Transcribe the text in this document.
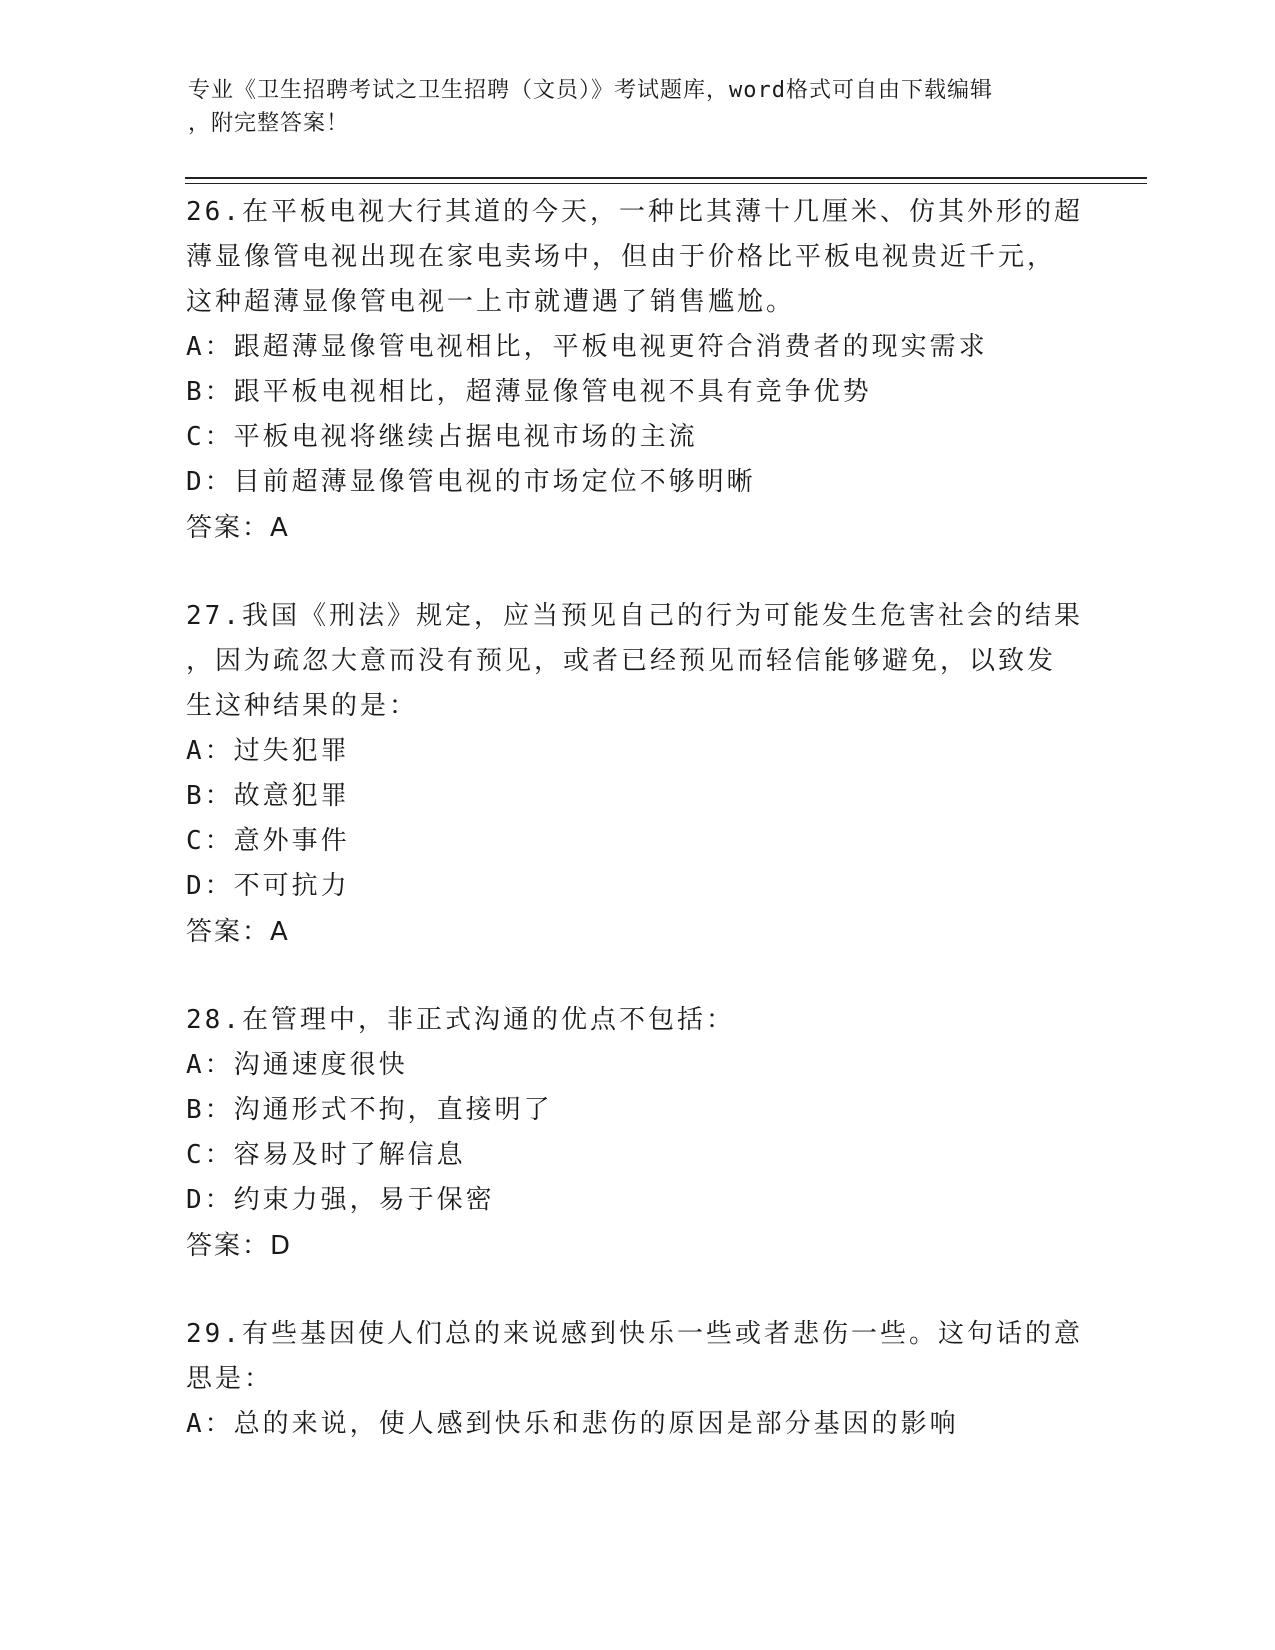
专业《卫生招聘考试之卫生招聘（文员）》考试题库，word格式可自由下载编辑
，附完整答案！
26.在平板电视大行其道的今天，一种比其薄十几厘米、仿其外形的超
薄显像管电视出现在家电卖场中，但由于价格比平板电视贵近千元，
这种超薄显像管电视一上市就遭遇了销售尴尬。
A：跟超薄显像管电视相比，平板电视更符合消费者的现实需求
B：跟平板电视相比，超薄显像管电视不具有竞争优势
C：平板电视将继续占据电视市场的主流
D：目前超薄显像管电视的市场定位不够明晰
答案：A
27.我国《刑法》规定，应当预见自己的行为可能发生危害社会的结果
，因为疏忽大意而没有预见，或者已经预见而轻信能够避免，以致发
生这种结果的是：
A：过失犯罪
B：故意犯罪
C：意外事件
D：不可抗力
答案：A
28.在管理中，非正式沟通的优点不包括：
A：沟通速度很快
B：沟通形式不拘，直接明了
C：容易及时了解信息
D：约束力强，易于保密
答案：D
29.有些基因使人们总的来说感到快乐一些或者悲伤一些。这句话的意
思是：
A：总的来说，使人感到快乐和悲伤的原因是部分基因的影响
